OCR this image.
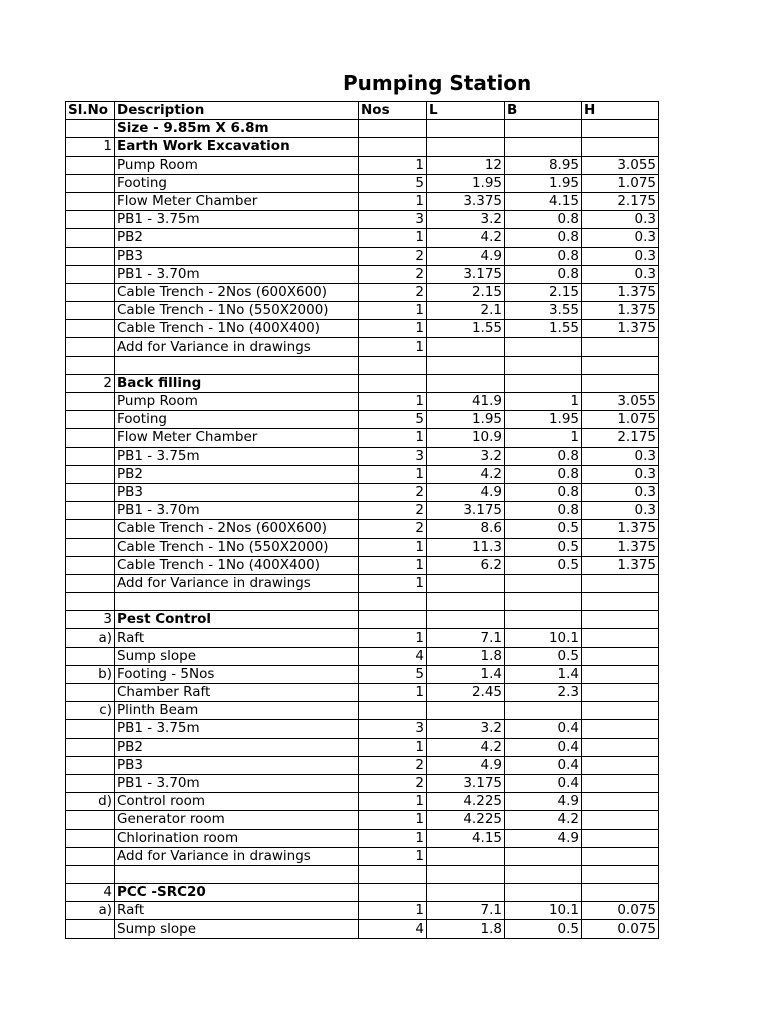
Pumping Station
Sl.No	Description	Nos	L	B	H
	Size - 9.85m X 6.8m				
1	Earth Work Excavation				
	Pump Room	1	12	8.95	3.055
	Footing	5	1.95	1.95	1.075
	Flow Meter Chamber	1	3.375	4.15	2.175
	PB1 - 3.75m	3	3.2	0.8	0.3
	PB2	1	4.2	0.8	0.3
	PB3	2	4.9	0.8	0.3
	PB1 - 3.70m	2	3.175	0.8	0.3
	Cable Trench - 2Nos (600X600)	2	2.15	2.15	1.375
	Cable Trench - 1No (550X2000)	1	2.1	3.55	1.375
	Cable Trench - 1No (400X400)	1	1.55	1.55	1.375
	Add for Variance in drawings	1			

2	Back filling				
	Pump Room	1	41.9	1	3.055
	Footing	5	1.95	1.95	1.075
	Flow Meter Chamber	1	10.9	1	2.175
	PB1 - 3.75m	3	3.2	0.8	0.3
	PB2	1	4.2	0.8	0.3
	PB3	2	4.9	0.8	0.3
	PB1 - 3.70m	2	3.175	0.8	0.3
	Cable Trench - 2Nos (600X600)	2	8.6	0.5	1.375
	Cable Trench - 1No (550X2000)	1	11.3	0.5	1.375
	Cable Trench - 1No (400X400)	1	6.2	0.5	1.375
	Add for Variance in drawings	1			

3	Pest Control				
a)	Raft	1	7.1	10.1	
	Sump slope	4	1.8	0.5	
b)	Footing - 5Nos	5	1.4	1.4	
	Chamber Raft	1	2.45	2.3	
c)	Plinth Beam				
	PB1 - 3.75m	3	3.2	0.4	
	PB2	1	4.2	0.4	
	PB3	2	4.9	0.4	
	PB1 - 3.70m	2	3.175	0.4	
d)	Control room	1	4.225	4.9	
	Generator room	1	4.225	4.2	
	Chlorination room	1	4.15	4.9	
	Add for Variance in drawings	1			

4	PCC -SRC20				
a)	Raft	1	7.1	10.1	0.075
	Sump slope	4	1.8	0.5	0.075
